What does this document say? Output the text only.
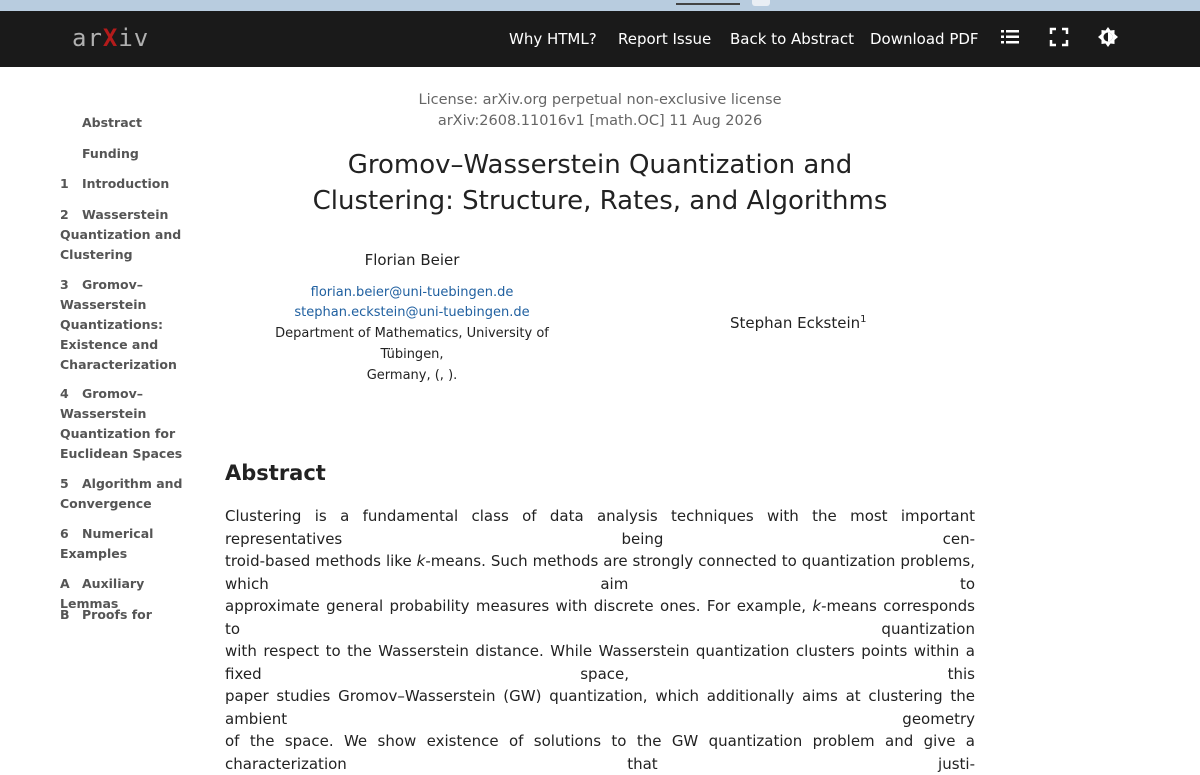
arXiv	Why HTML? Report Issue Back to Abstract Download PDF
Abstract
Funding
1 Introduction
2 Wasserstein Quantization and Clustering
3 Gromov–Wasserstein Quantizations: Existence and Characterization
4 Gromov–Wasserstein Quantization for Euclidean Spaces
5 Algorithm and Convergence
6 Numerical Examples
A Auxiliary Lemmas
B Proofs for
License: arXiv.org perpetual non-exclusive license
arXiv:2608.11016v1 [math.OC] 11 Aug 2026
Gromov–Wasserstein Quantization and
Clustering: Structure, Rates, and Algorithms
Florian Beier
florian.beier@uni-tuebingen.de
stephan.eckstein@uni-tuebingen.de
Department of Mathematics, University of Tübingen,
Germany, (, ).
Stephan Eckstein$^1$
Abstract
Clustering is a fundamental class of data analysis techniques with the most important representatives being cen-
troid-based methods like k-means. Such methods are strongly connected to quantization problems, which aim to
approximate general probability measures with discrete ones. For example, k-means corresponds to quantization
with respect to the Wasserstein distance. While Wasserstein quantization clusters points within a fixed space, this
paper studies Gromov–Wasserstein (GW) quantization, which additionally aims at clustering the ambient geometry
of the space. We show existence of solutions to the GW quantization problem and give a characterization that justi-
